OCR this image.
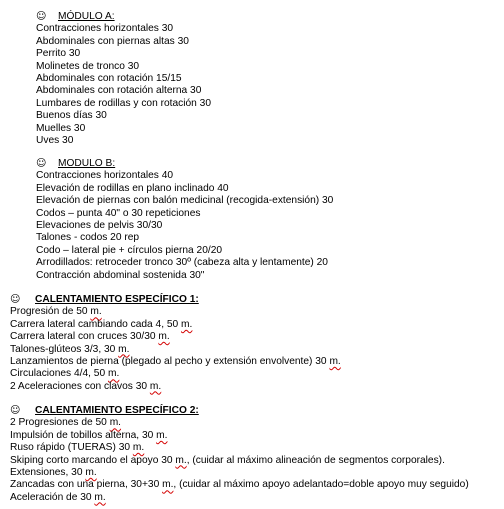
☺	MÓDULO A:
Contracciones horizontales 30
Abdominales con piernas altas 30
Perrito 30
Molinetes de tronco 30
Abdominales con rotación 15/15
Abdominales con rotación alterna 30
Lumbares de rodillas y con rotación 30
Buenos días 30
Muelles 30
Uves 30
☺	MODULO B:
Contracciones horizontales 40
Elevación de rodillas en plano inclinado 40
Elevación de piernas con balón medicinal (recogida-extensión) 30
Codos – punta 40" o 30 repeticiones
Elevaciones de pelvis 30/30
Talones - codos 20 rep
Codo – lateral pie + círculos pierna 20/20
Arrodillados: retroceder tronco 30º (cabeza alta y lentamente) 20
Contracción abdominal sostenida 30"
☺	CALENTAMIENTO ESPECÍFICO 1:
Progresión de 50 m.
Carrera lateral cambiando cada 4, 50 m.
Carrera lateral con cruces 30/30 m.
Talones-glúteos 3/3, 30 m.
Lanzamientos de pierna (plegado al pecho y extensión envolvente) 30 m.
Circulaciones 4/4, 50 m.
2 Aceleraciones con clavos 30 m.
☺	CALENTAMIENTO ESPECÍFICO 2:
2 Progresiones de 50 m.
Impulsión de tobillos alterna, 30 m.
Ruso rápido (TUERAS) 30 m.
Skiping corto marcando el apoyo 30 m., (cuidar al máximo alineación de segmentos corporales).
Extensiones, 30 m.
Zancadas con una pierna, 30+30 m., (cuidar al máximo apoyo adelantado=doble apoyo muy seguido)
Aceleración de 30 m.
